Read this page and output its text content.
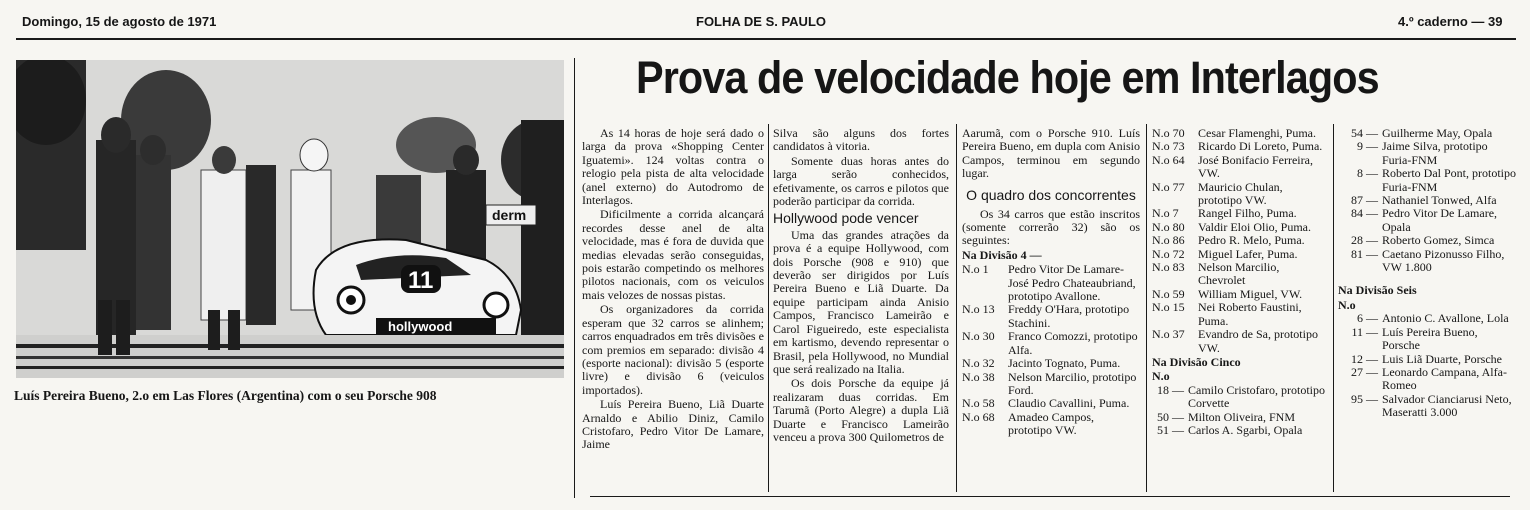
Domingo, 15 de agosto de 1971	FOLHA DE S. PAULO	4.º caderno — 39
derm
11
hollywood
Luís Pereira Bueno, 2.o em Las Flores (Argentina) com o seu Porsche 908
Prova de velocidade hoje em Interlagos

As 14 horas de hoje será dado o larga da prova «Shopping Center Iguatemi». 124 voltas contra o relogio pela pista de alta velocidade (anel externo) do Autodromo de Interlagos.

Dificilmente a corrida alcançará recordes desse anel de alta velocidade, mas é fora de duvida que medias elevadas serão conseguidas, pois estarão competindo os melhores pilotos nacionais, com os veiculos mais velozes de nossas pistas.

Os organizadores da corrida esperam que 32 carros se alinhem; carros enquadrados em três divisões e com premios em separado: divisão 4 (esporte nacional): divisão 5 (esporte livre) e divisão 6 (veiculos importados).

Luís Pereira Bueno, Liã Duarte Arnaldo e Abilio Diniz, Camilo Cristofaro, Pedro Vitor De Lamare, Jaime

Silva são alguns dos fortes candidatos à vitoria.

Somente duas horas antes do larga serão conhecidos, efetivamente, os carros e pilotos que poderão participar da corrida.

Hollywood pode vencer

Uma das grandes atrações da prova é a equipe Hollywood, com dois Porsche (908 e 910) que deverão ser dirigidos por Luís Pereira Bueno e Liã Duarte. Da equipe participam ainda Anisio Campos, Francisco Lameirão e Carol Figueiredo, este especialista em kartismo, devendo representar o Brasil, pela Hollywood, no Mundial que será realizado na Italia.

Os dois Porsche da equipe já realizaram duas corridas. Em Tarumã (Porto Alegre) a dupla Liã Duarte e Francisco Lameirão venceu a prova 300 Quilometros de

Aarumã, com o Porsche 910. Luís Pereira Bueno, em dupla com Anisio Campos, terminou em segundo lugar.

O quadro dos concorrentes

Os 34 carros que estão inscritos (somente correrão 32) são os seguintes:

Na Divisão 4 —
N.o 1	Pedro Vitor De Lamare-José Pedro Chateaubriand, prototipo Avallone.
N.o 13	Freddy O'Hara, prototipo Stachini.
N.o 30	Franco Comozzi, prototipo Alfa.
N.o 32	Jacinto Tognato, Puma.
N.o 38	Nelson Marcilio, prototipo Ford.
N.o 58	Claudio Cavallini, Puma.
N.o 68	Amadeo Campos, prototipo VW.
N.o 70	Cesar Flamenghi, Puma.
N.o 73	Ricardo Di Loreto, Puma.
N.o 64	José Bonifacio Ferreira, VW.
N.o 77	Mauricio Chulan, prototipo VW.
N.o 7	Rangel Filho, Puma.
N.o 80	Valdir Eloi Olio, Puma.
N.o 86	Pedro R. Melo, Puma.
N.o 72	Miguel Lafer, Puma.
N.o 83	Nelson Marcilio, Chevrolet
N.o 59	William Miguel, VW.
N.o 15	Nei Roberto Faustini, Puma.
N.o 37	Evandro de Sa, prototipo VW.
Na Divisão Cinco
N.o
18 — Camilo Cristofaro, prototipo Corvette
50 — Milton Oliveira, FNM
51 — Carlos A. Sgarbi, Opala
54 — Guilherme May, Opala
9 — Jaime Silva, prototipo Furia-FNM
8 — Roberto Dal Pont, prototipo Furia-FNM
87 — Nathaniel Tonwed, Alfa
84 — Pedro Vitor De Lamare, Opala
28 — Roberto Gomez, Simca
81 — Caetano Pizonusso Filho, VW 1.800
Na Divisão Seis
N.o
6 — Antonio C. Avallone, Lola
11 — Luís Pereira Bueno, Porsche
12 — Luis Liã Duarte, Porsche
27 — Leonardo Campana, Alfa-Romeo
95 — Salvador Cianciarusi Neto, Maseratti 3.000
